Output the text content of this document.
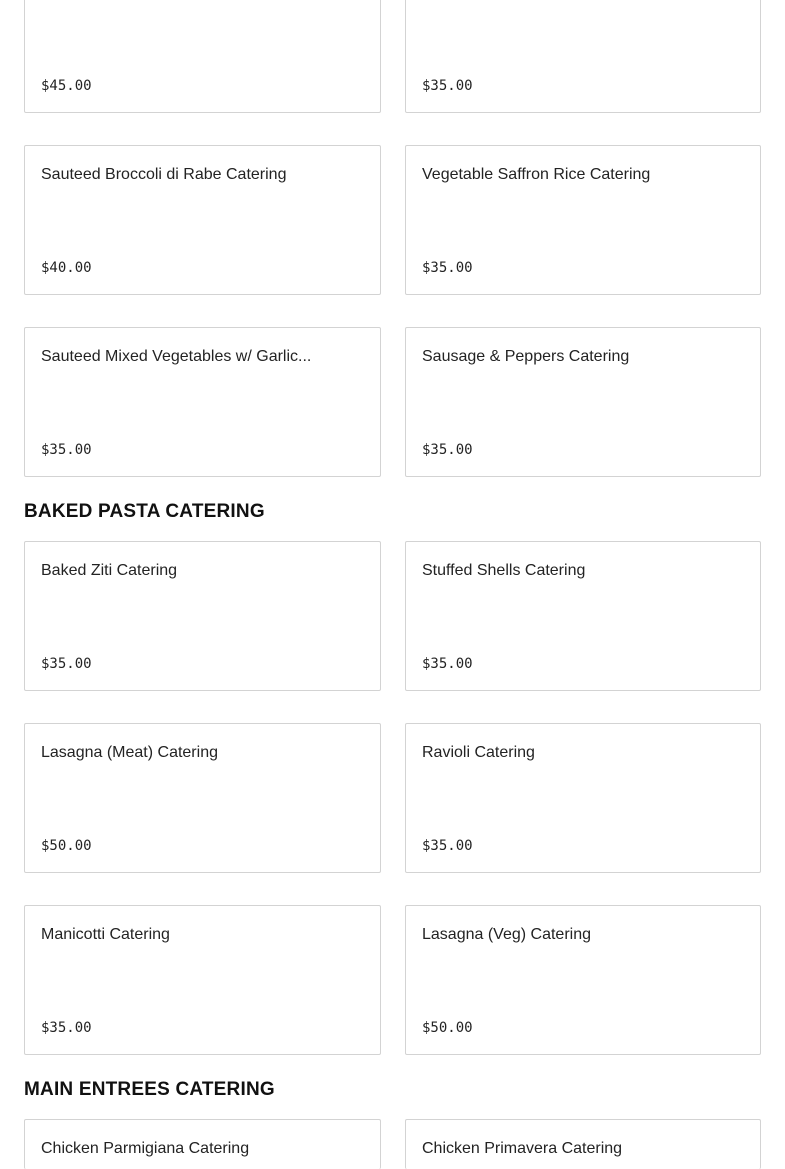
$45.00	$35.00
Sauteed Broccoli di Rabe Catering
$40.00
Vegetable Saffron Rice Catering
$35.00
Sauteed Mixed Vegetables w/ Garlic...
$35.00
Sausage & Peppers Catering
$35.00
BAKED PASTA CATERING
Baked Ziti Catering
$35.00
Stuffed Shells Catering
$35.00
Lasagna (Meat) Catering
$50.00
Ravioli Catering
$35.00
Manicotti Catering
$35.00
Lasagna (Veg) Catering
$50.00
MAIN ENTREES CATERING
Chicken Parmigiana Catering	Chicken Primavera Catering
